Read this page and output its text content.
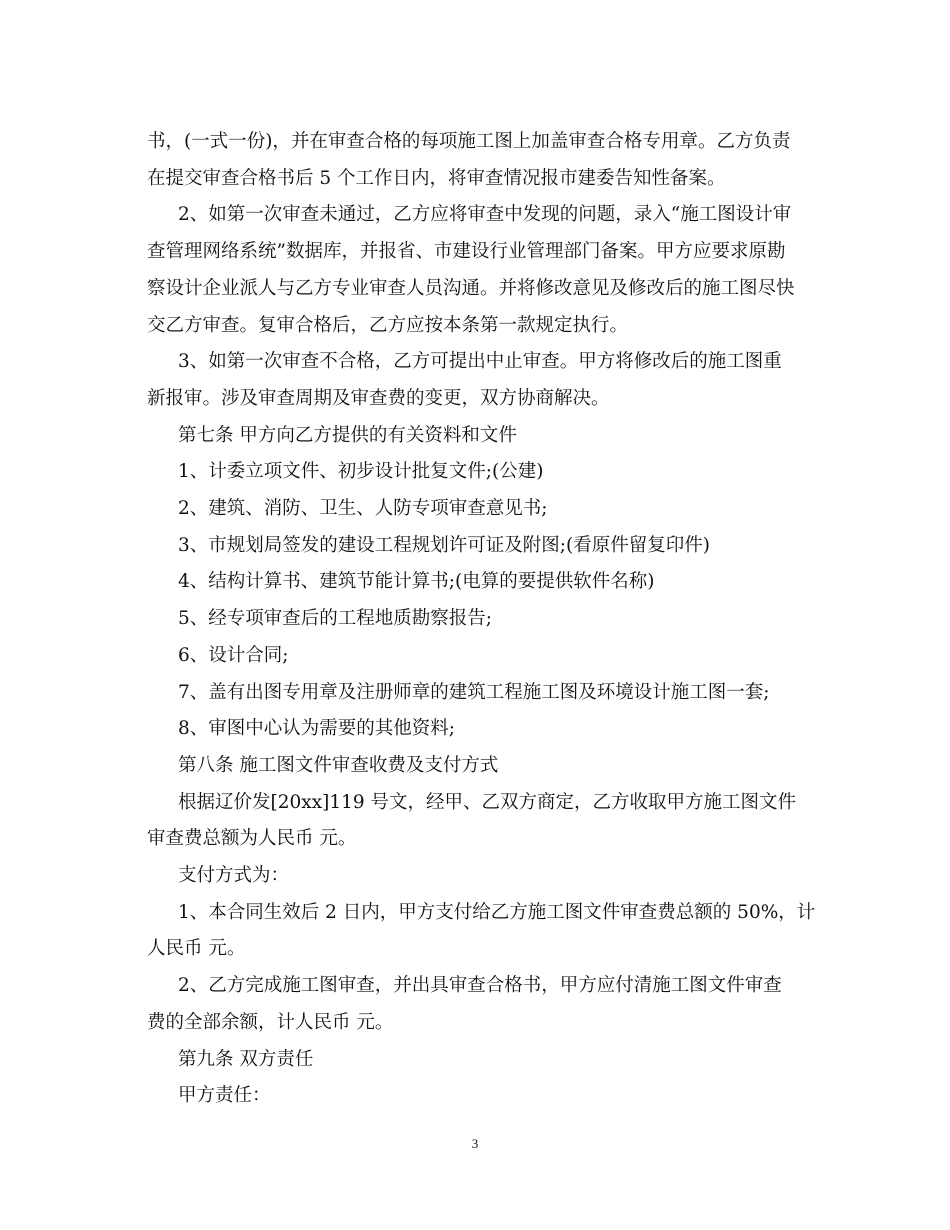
书，(一式一份)，并在审查合格的每项施工图上加盖审查合格专用章。乙方负责

在提交审查合格书后 5 个工作日内，将审查情况报市建委告知性备案。

2、如第一次审查未通过，乙方应将审查中发现的问题，录入“施工图设计审

查管理网络系统”数据库，并报省、市建设行业管理部门备案。甲方应要求原勘

察设计企业派人与乙方专业审查人员沟通。并将修改意见及修改后的施工图尽快

交乙方审查。复审合格后，乙方应按本条第一款规定执行。

3、如第一次审查不合格，乙方可提出中止审查。甲方将修改后的施工图重

新报审。涉及审查周期及审查费的变更，双方协商解决。

第七条 甲方向乙方提供的有关资料和文件

1、计委立项文件、初步设计批复文件;(公建)

2、建筑、消防、卫生、人防专项审查意见书;

3、市规划局签发的建设工程规划许可证及附图;(看原件留复印件)

4、结构计算书、建筑节能计算书;(电算的要提供软件名称)

5、经专项审查后的工程地质勘察报告;

6、设计合同;

7、盖有出图专用章及注册师章的建筑工程施工图及环境设计施工图一套;

8、审图中心认为需要的其他资料;

第八条 施工图文件审查收费及支付方式

根据辽价发[20xx]119 号文，经甲、乙双方商定，乙方收取甲方施工图文件

审查费总额为人民币 元。

支付方式为：

1、本合同生效后 2 日内，甲方支付给乙方施工图文件审查费总额的 50%，计

人民币 元。

2、乙方完成施工图审查，并出具审查合格书，甲方应付清施工图文件审查

费的全部余额，计人民币 元。

第九条 双方责任

甲方责任：

3
